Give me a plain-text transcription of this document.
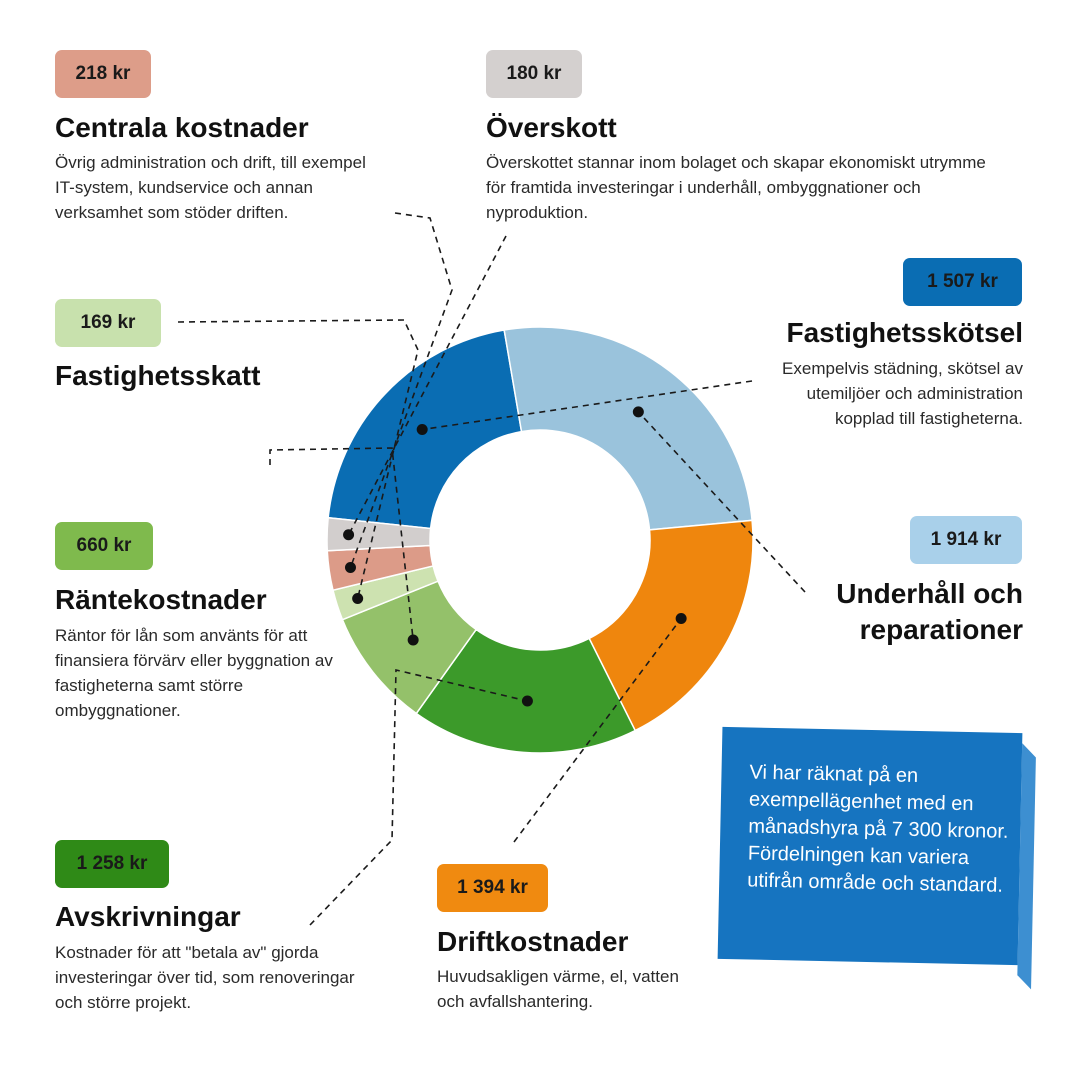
218 kr
Centrala kostnader
Övrig administration och drift, till exempel IT-system, kundservice och annan verksamhet som stöder driften.
180 kr
Överskott
Överskottet stannar inom bolaget och skapar ekonomiskt utrymme för framtida investeringar i underhåll, ombyggnationer och nyproduktion.
169 kr
Fastighetsskatt
1 507 kr
Fastighetsskötsel
Exempelvis städning, skötsel av utemiljöer och administration kopplad till fastigheterna.
660 kr
Räntekostnader
Räntor för lån som använts för att finansiera förvärv eller byggnation av fastigheterna samt större ombyggnationer.
1 914 kr
Underhåll och reparationer
1 258 kr
Avskrivningar
Kostnader för att "betala av" gjorda investeringar över tid, som renoveringar och större projekt.
1 394 kr
Driftkostnader
Huvudsakligen värme, el, vatten och avfallshantering.
Vi har räknat på en exempellägenhet med en månadshyra på 7 300 kronor. Fördelningen kan variera utifrån område och standard.
